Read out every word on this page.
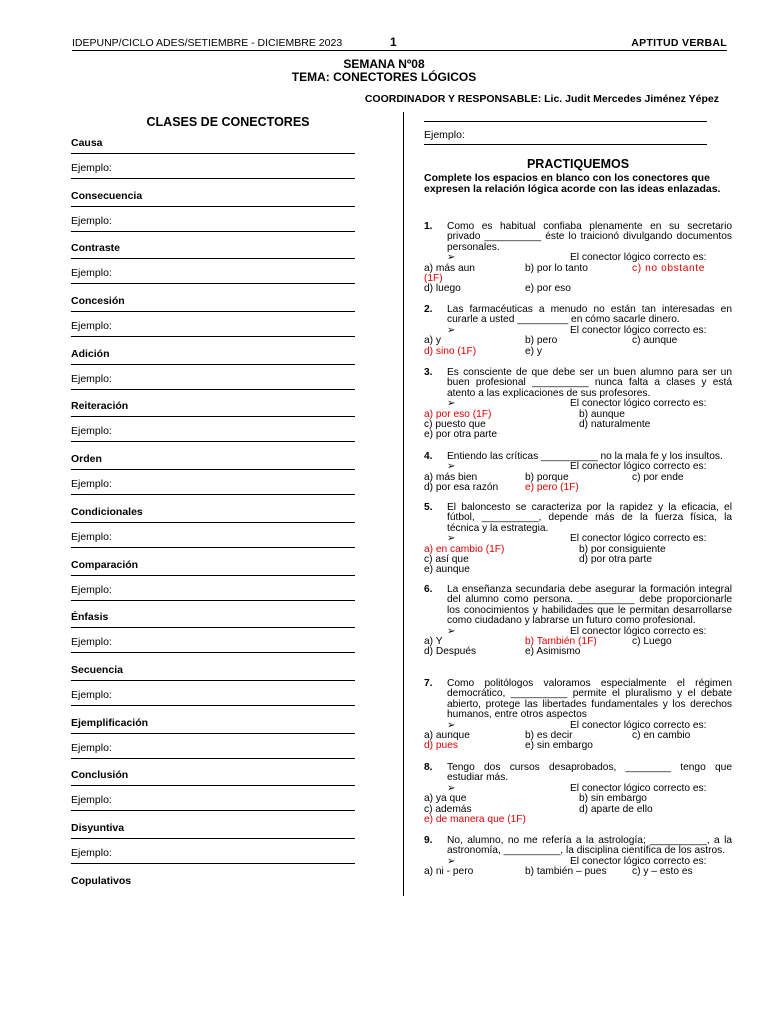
IDEPUNP/CICLO ADES/SETIEMBRE - DICIEMBRE 2023	1	APTITUD VERBAL
SEMANA Nº08
TEMA: CONECTORES LÓGICOS
COORDINADOR Y RESPONSABLE: Lic. Judit Mercedes Jiménez Yépez
CLASES DE CONECTORES
Causa
Ejemplo:
Consecuencia
Ejemplo:
Contraste
Ejemplo:
Concesión
Ejemplo:
Adición
Ejemplo:
Reiteración
Ejemplo:
Orden
Ejemplo:
Condicionales
Ejemplo:
Comparación
Ejemplo:
Énfasis
Ejemplo:
Secuencia
Ejemplo:
Ejemplificación
Ejemplo:
Conclusión
Ejemplo:
Disyuntiva
Ejemplo:
Copulativos
Ejemplo:
PRACTIQUEMOS
Complete los espacios en blanco con los conectores que expresen la relación lógica acorde con las ideas enlazadas.
1. Como es habitual confiaba plenamente en su secretario privado __________ éste lo traicionó divulgando documentos personales.
➢	El conector lógico correcto es:
a) más aun	b) por lo tanto	c) no obstante
(1F)
d) luego	e) por eso
2. Las farmacéuticas a menudo no están tan interesadas en curarle a usted _________ en cómo sacarle dinero.
➢	El conector lógico correcto es:
a) y	b) pero	c) aunque
d) sino (1F)	e) y
3. Es consciente de que debe ser un buen alumno para ser un buen profesional __________ nunca falta a clases y está atento a las explicaciones de sus profesores.
➢	El conector lógico correcto es:
a) por eso (1F)	b) aunque
c) puesto que	d) naturalmente
e) por otra parte
4. Entiendo las críticas __________ no la mala fe y los insultos.
➢	El conector lógico correcto es:
a) más bien	b) porque	c) por ende
d) por esa razón	e) pero (1F)
5. El baloncesto se caracteriza por la rapidez y la eficacia, el fútbol, __________, depende más de la fuerza física, la técnica y la estrategia.
➢	El conector lógico correcto es:
a) en cambio (1F)	b) por consiguiente
c) así que	d) por otra parte
e) aunque
6. La enseñanza secundaria debe asegurar la formación integral del alumno como persona. __________ debe proporcionarle los conocimientos y habilidades que le permitan desarrollarse como ciudadano y labrarse un futuro como profesional.
➢	El conector lógico correcto es:
a) Y	b) También (1F)	c) Luego
d) Después	e) Asimismo
7. Como politólogos valoramos especialmente el régimen democrático, __________ permite el pluralismo y el debate abierto, protege las libertades fundamentales y los derechos humanos, entre otros aspectos
➢	El conector lógico correcto es:
a) aunque	b) es decir	c) en cambio
d) pues	e) sin embargo
8. Tengo dos cursos desaprobados, ________ tengo que estudiar más.
➢	El conector lógico correcto es:
a) ya que	b) sin embargo
c) además	d) aparte de ello
e) de manera que (1F)
9. No, alumno, no me refería a la astrología; __________, a la astronomía, __________, la disciplina científica de los astros.
➢	El conector lógico correcto es:
a) ni - pero	b) también – pues c) y – esto es
